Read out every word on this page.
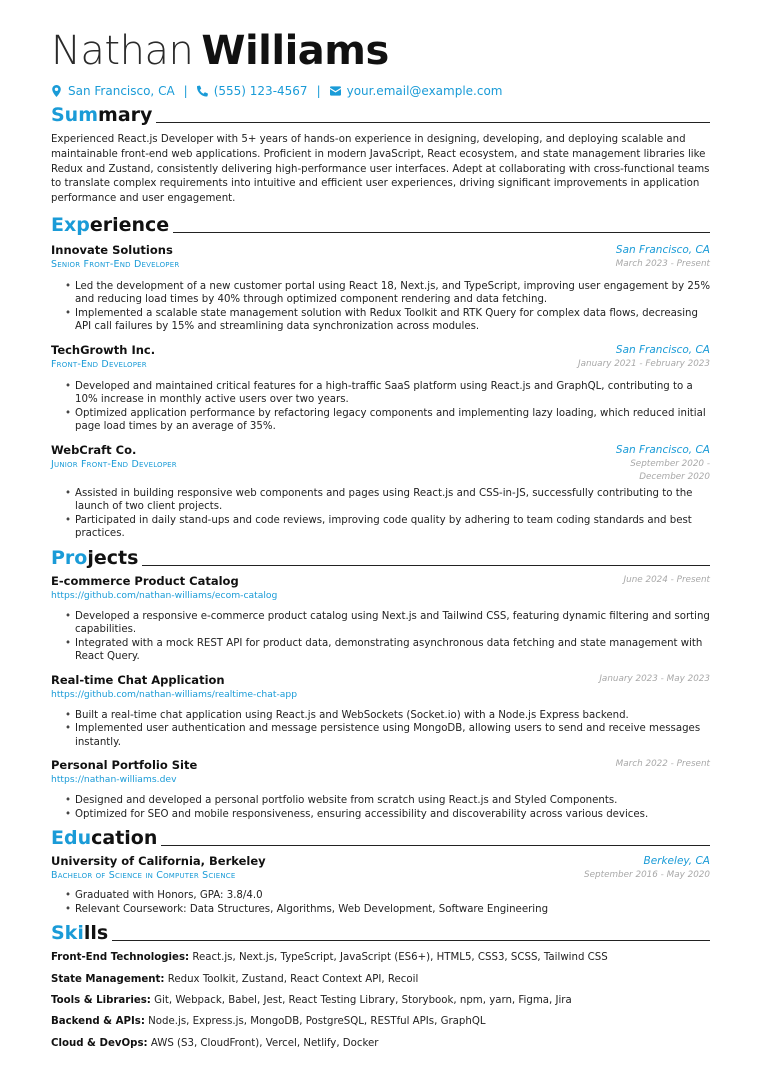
Nathan Williams
San Francisco, CA | (555) 123-4567 | your.email@example.com
Summary

Experienced React.js Developer with 5+ years of hands-on experience in designing, developing, and deploying scalable and maintainable front-end web applications. Proficient in modern JavaScript, React ecosystem, and state management libraries like Redux and Zustand, consistently delivering high-performance user interfaces. Adept at collaborating with cross-functional teams to translate complex requirements into intuitive and efficient user experiences, driving significant improvements in application performance and user engagement.

Experience
Innovate Solutions	San Francisco, CA
Senior Front-End Developer	March 2023 - Present
• Led the development of a new customer portal using React 18, Next.js, and TypeScript, improving user engagement by 25% and reducing load times by 40% through optimized component rendering and data fetching.
• Implemented a scalable state management solution with Redux Toolkit and RTK Query for complex data flows, decreasing API call failures by 15% and streamlining data synchronization across modules.
TechGrowth Inc.	San Francisco, CA
Front-End Developer	January 2021 - February 2023
• Developed and maintained critical features for a high-traffic SaaS platform using React.js and GraphQL, contributing to a 10% increase in monthly active users over two years.
• Optimized application performance by refactoring legacy components and implementing lazy loading, which reduced initial page load times by an average of 35%.
WebCraft Co.	San Francisco, CA
Junior Front-End Developer	September 2020 - December 2020
• Assisted in building responsive web components and pages using React.js and CSS-in-JS, successfully contributing to the launch of two client projects.
• Participated in daily stand-ups and code reviews, improving code quality by adhering to team coding standards and best practices.
Projects
E-commerce Product Catalog	June 2024 - Present
https://github.com/nathan-williams/ecom-catalog
• Developed a responsive e-commerce product catalog using Next.js and Tailwind CSS, featuring dynamic filtering and sorting capabilities.
• Integrated with a mock REST API for product data, demonstrating asynchronous data fetching and state management with React Query.
Real-time Chat Application	January 2023 - May 2023
https://github.com/nathan-williams/realtime-chat-app
• Built a real-time chat application using React.js and WebSockets (Socket.io) with a Node.js Express backend.
• Implemented user authentication and message persistence using MongoDB, allowing users to send and receive messages instantly.
Personal Portfolio Site	March 2022 - Present
https://nathan-williams.dev
• Designed and developed a personal portfolio website from scratch using React.js and Styled Components.
• Optimized for SEO and mobile responsiveness, ensuring accessibility and discoverability across various devices.
Education
University of California, Berkeley	Berkeley, CA
Bachelor of Science in Computer Science	September 2016 - May 2020
• Graduated with Honors, GPA: 3.8/4.0
• Relevant Coursework: Data Structures, Algorithms, Web Development, Software Engineering
Skills
Front-End Technologies: React.js, Next.js, TypeScript, JavaScript (ES6+), HTML5, CSS3, SCSS, Tailwind CSS
State Management: Redux Toolkit, Zustand, React Context API, Recoil
Tools & Libraries: Git, Webpack, Babel, Jest, React Testing Library, Storybook, npm, yarn, Figma, Jira
Backend & APIs: Node.js, Express.js, MongoDB, PostgreSQL, RESTful APIs, GraphQL
Cloud & DevOps: AWS (S3, CloudFront), Vercel, Netlify, Docker
